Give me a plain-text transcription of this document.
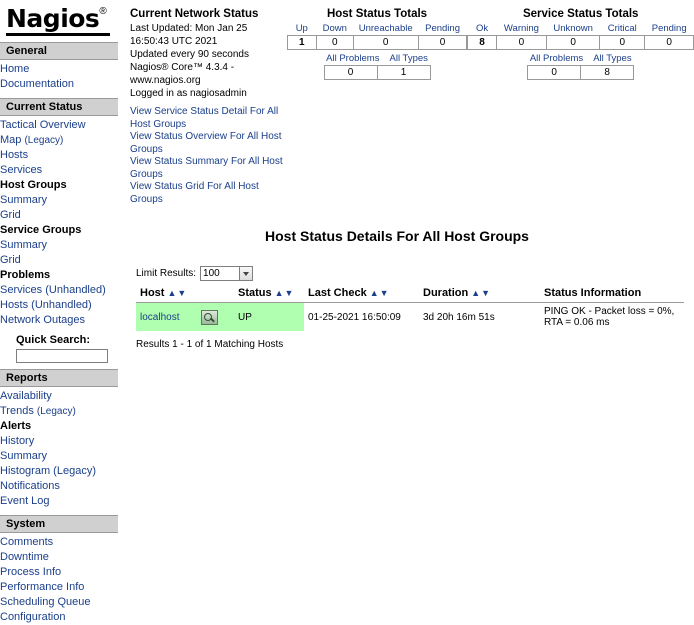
Nagios®
General
Home
Documentation
Current Status
Tactical Overview
Map (Legacy)
Hosts
Services
Host Groups
Summary
Grid
Service Groups
Summary
Grid
Problems
Services (Unhandled)
Hosts (Unhandled)
Network Outages
Quick Search:
Reports
Availability
Trends (Legacy)
Alerts
History
Summary
Histogram (Legacy)
Notifications
Event Log
System
Comments
Downtime
Process Info
Performance Info
Scheduling Queue
Configuration
Current Network Status
Last Updated: Mon Jan 25 16:50:43 UTC 2021
Updated every 90 seconds
Nagios® Core™ 4.3.4 - www.nagios.org
Logged in as nagiosadmin
View Service Status Detail For All Host Groups
View Status Overview For All Host Groups
View Status Summary For All Host Groups
View Status Grid For All Host Groups
Host Status Totals
Up	Down	Unreachable	Pending
1	0	0	0
All Problems All Types
0	1
Service Status Totals
Ok	Warning	Unknown	Critical	Pending
8	0	0	0	0
All Problems All Types
0	8
Host Status Details For All Host Groups
Limit Results:100
Host ▲▼	Status ▲▼	Last Check ▲▼	Duration ▲▼	Status Information
localhost	UP	01-25-2021 16:50:09	3d 20h 16m 51s	PING OK - Packet loss = 0%, RTA = 0.06 ms
Results 1 - 1 of 1 Matching Hosts
